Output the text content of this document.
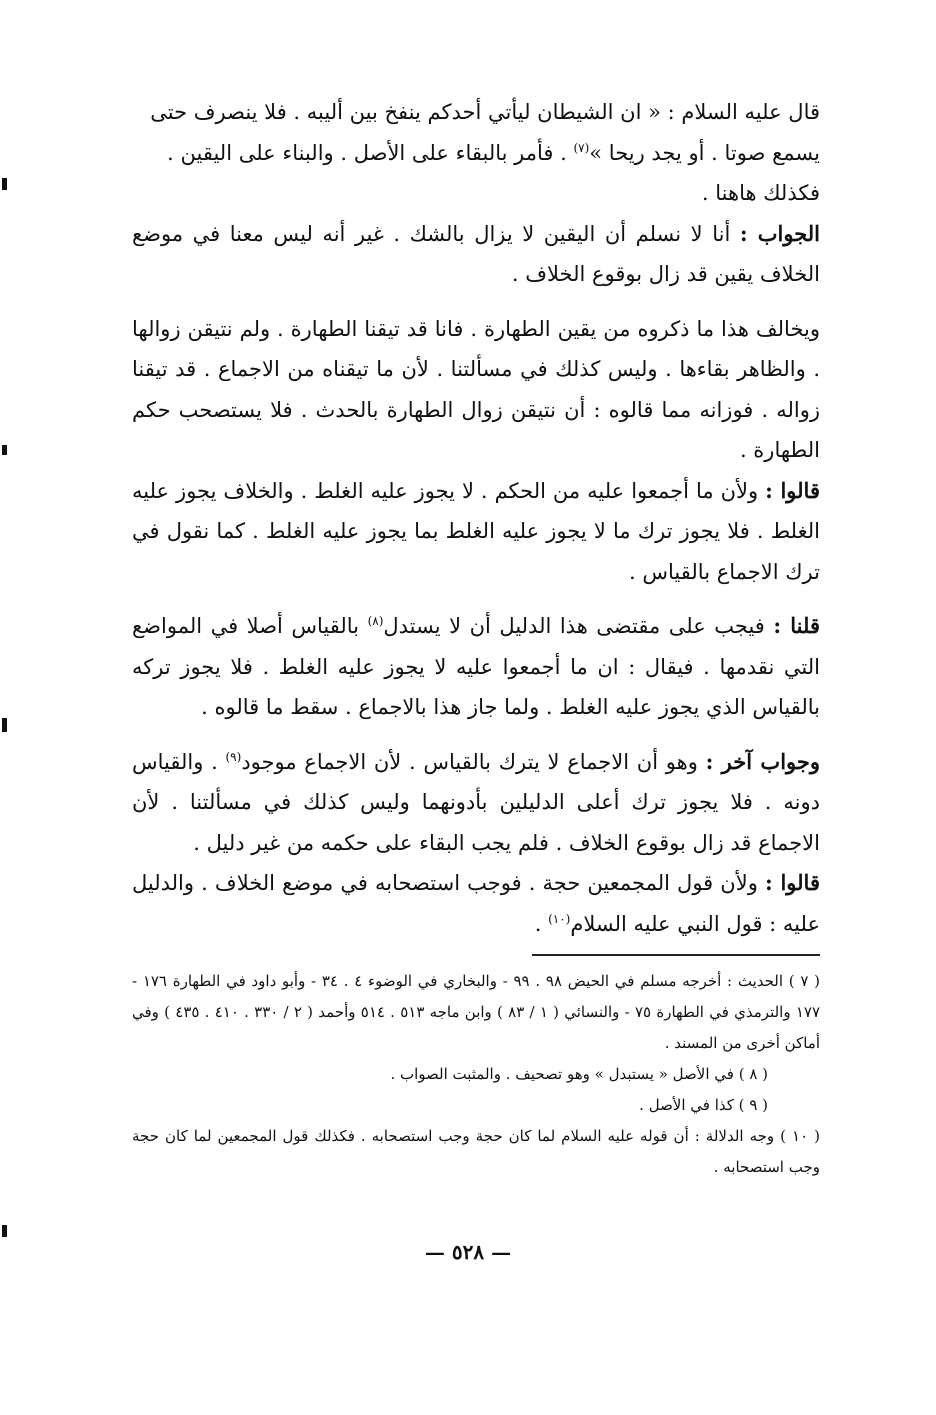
قال عليه السلام : « ان الشيطان ليأتي أحدكم ينفخ بين أليبه . فلا ينصرف حتى
يسمع صوتا . أو يجد ريحا »$^{(٧)}$ . فأمر بالبقاء على الأصل . والبناء على اليقين .
فكذلك هاهنا .

الجواب : أنا لا نسلم أن اليقين لا يزال بالشك . غير أنه ليس معنا في موضع الخلاف يقين قد زال بوقوع الخلاف .

ويخالف هذا ما ذكروه من يقين الطهارة . فانا قد تيقنا الطهارة . ولم نتيقن زوالها . والظاهر بقاءها . وليس كذلك في مسألتنا . لأن ما تيقناه من الاجماع . قد تيقنا زواله . فوزانه مما قالوه : أن نتيقن زوال الطهارة بالحدث . فلا يستصحب حكم الطهارة .

قالوا : ولأن ما أجمعوا عليه من الحكم . لا يجوز عليه الغلط . والخلاف يجوز عليه الغلط . فلا يجوز ترك ما لا يجوز عليه الغلط بما يجوز عليه الغلط . كما نقول في ترك الاجماع بالقياس .

قلنا : فيجب على مقتضى هذا الدليل أن لا يستدل$^{(٨)}$ بالقياس أصلا في المواضع التي نقدمها . فيقال : ان ما أجمعوا عليه لا يجوز عليه الغلط . فلا يجوز تركه بالقياس الذي يجوز عليه الغلط . ولما جاز هذا بالاجماع . سقط ما قالوه .

وجواب آخر : وهو أن الاجماع لا يترك بالقياس . لأن الاجماع موجود$^{(٩)}$ . والقياس دونه . فلا يجوز ترك أعلى الدليلين بأدونهما وليس كذلك في مسألتنا . لأن الاجماع قد زال بوقوع الخلاف . فلم يجب البقاء على حكمه من غير دليل .

قالوا : ولأن قول المجمعين حجة . فوجب استصحابه في موضع الخلاف . والدليل عليه : قول النبي عليه السلام$^{(١٠)}$ .

( ٧ ) الحديث : أخرجه مسلم في الحيض ٩٨ . ٩٩ - والبخاري في الوضوء ٤ . ٣٤ - وأبو داود في الطهارة ١٧٦ - ١٧٧ والترمذي في الطهارة ٧٥ - والنسائي ( ١ / ٨٣ ) وابن ماجه ٥١٣ . ٥١٤ وأحمد ( ٢ / ٣٣٠ . ٤١٠ . ٤٣٥ ) وفي أماكن أخرى من المسند .

( ٨ ) في الأصل « يستبدل » وهو تصحيف . والمثبت الصواب .

( ٩ ) كذا في الأصل .

( ١٠ ) وجه الدلالة : أن قوله عليه السلام لما كان حجة وجب استصحابه . فكذلك قول المجمعين لما كان حجة وجب استصحابه .

— ٥٢٨ —
